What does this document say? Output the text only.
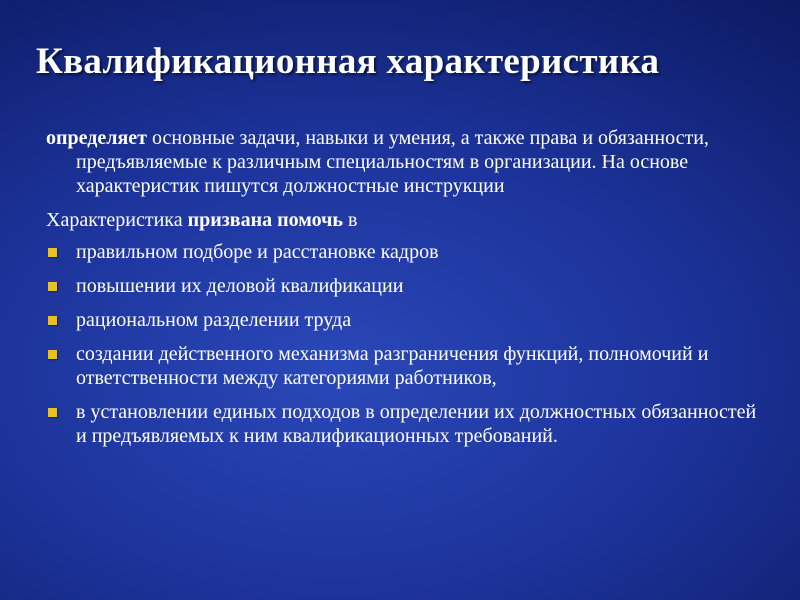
Квалификационная характеристика

определяет основные задачи, навыки и умения, а также права и обязанности, предъявляемые к различным специальностям в организации. На основе характеристик пишутся должностные инструкции

Характеристика призвана помочь в

правильном подборе и расстановке кадров
повышении их деловой квалификации
рациональном разделении труда
создании действенного механизма разграничения функций, полномочий и ответственности между категориями работников,
в установлении единых подходов в определении их должностных обязанностей и предъявляемых к ним квалификационных требований.
